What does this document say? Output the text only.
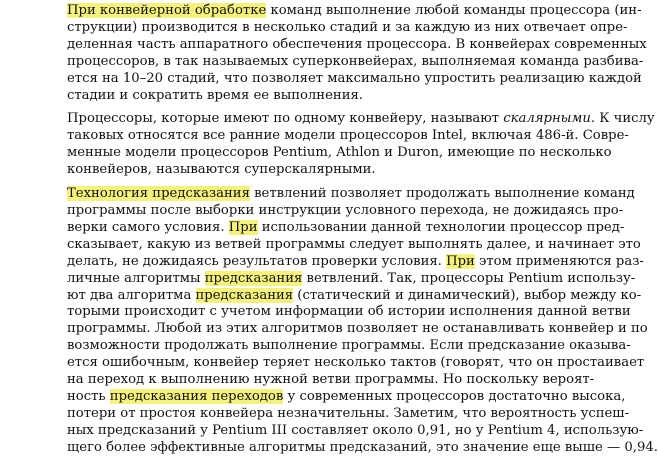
При конвейерной обработке команд выполнение любой команды процессора (ин-
струкции) производится в несколько стадий и за каждую из них отвечает опре-
деленная часть аппаратного обеспечения процессора. В конвейерах современных
процессоров, в так называемых суперконвейерах, выполняемая команда разбива-
ется на 10–20 стадий, что позволяет максимально упростить реализацию каждой
стадии и сократить время ее выполнения.
Процессоры, которые имеют по одному конвейеру, называют скалярными. К числу
таковых относятся все ранние модели процессоров Intel, включая 486-й. Совре-
менные модели процессоров Pentium, Athlon и Duron, имеющие по несколько
конвейеров, называются суперскалярными.
Технология предсказания ветвлений позволяет продолжать выполнение команд
программы после выборки инструкции условного перехода, не дожидаясь про-
верки самого условия. При использовании данной технологии процессор пред-
сказывает, какую из ветвей программы следует выполнять далее, и начинает это
делать, не дожидаясь результатов проверки условия. При этом применяются раз-
личные алгоритмы предсказания ветвлений. Так, процессоры Pentium использу-
ют два алгоритма предсказания (статический и динамический), выбор между ко-
торыми происходит с учетом информации об истории исполнения данной ветви
программы. Любой из этих алгоритмов позволяет не останавливать конвейер и по
возможности продолжать выполнение программы. Если предсказание оказыва-
ется ошибочным, конвейер теряет несколько тактов (говорят, что он простаивает
на переход к выполнению нужной ветви программы. Но поскольку вероят-
ность предсказания переходов у современных процессоров достаточно высока,
потери от простоя конвейера незначительны. Заметим, что вероятность успеш-
ных предсказаний у Pentium III составляет около 0,91, но у Pentium 4, использую-
щего более эффективные алгоритмы предсказаний, это значение еще выше — 0,94.
